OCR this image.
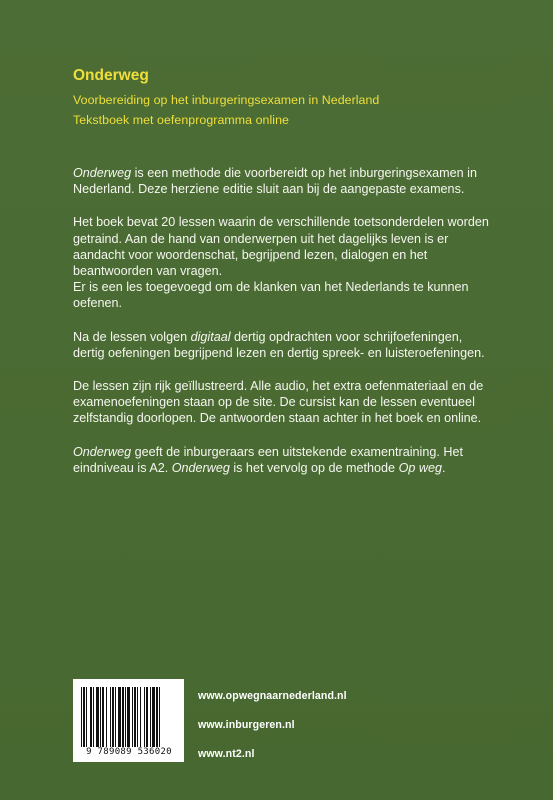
Onderweg
Voorbereiding op het inburgeringsexamen in Nederland
Tekstboek met oefenprogramma online

Onderweg is een methode die voorbereidt op het inburgeringsexamen in Nederland. Deze herziene editie sluit aan bij de aangepaste examens.

Het boek bevat 20 lessen waarin de verschillende toetsonderdelen worden getraind. Aan de hand van onderwerpen uit het dagelijks leven is er aandacht voor woordenschat, begrijpend lezen, dialogen en het beantwoorden van vragen.

Er is een les toegevoegd om de klanken van het Nederlands te kunnen oefenen.

Na de lessen volgen digitaal dertig opdrachten voor schrijfoefeningen, dertig oefeningen begrijpend lezen en dertig spreek- en luisteroefeningen.

De lessen zijn rijk geïllustreerd. Alle audio, het extra oefenmateriaal en de examenoefeningen staan op de site. De cursist kan de lessen eventueel zelfstandig doorlopen. De antwoorden staan achter in het boek en online.

Onderweg geeft de inburgeraars een uitstekende examentraining. Het eindniveau is A2. Onderweg is het vervolg op de methode Op weg.

9 789089 536020
www.opwegnaarnederland.nl
www.inburgeren.nl
www.nt2.nl
